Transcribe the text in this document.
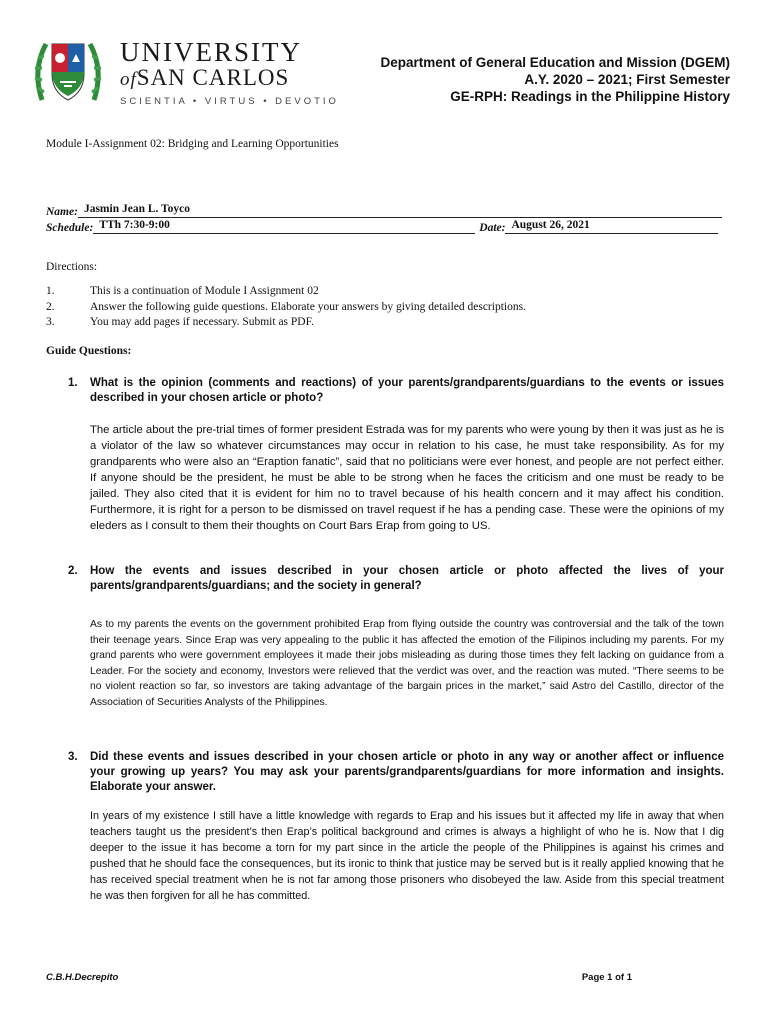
UNIVERSITY
ofSAN CARLOS
SCIENTIA • VIRTUS • DEVOTIO
Department of General Education and Mission (DGEM)
A.Y. 2020 – 2021; First Semester
GE-RPH: Readings in the Philippine History
Module I-Assignment 02: Bridging and Learning Opportunities
Name: Jasmin Jean L. Toyco
Schedule: TTh 7:30-9:00	Date: August 26, 2021
Directions:
1.	This is a continuation of Module I Assignment 02
2.	Answer the following guide questions. Elaborate your answers by giving detailed descriptions.
3.	You may add pages if necessary. Submit as PDF.
Guide Questions:
1.	What is the opinion (comments and reactions) of your parents/grandparents/guardians to the events or issues described in your chosen article or photo?
The article about the pre-trial times of former president Estrada was for my parents who were young by then it was just as he is a violator of the law so whatever circumstances may occur in relation to his case, he must take responsibility. As for my grandparents who were also an “Eraption fanatic”, said that no politicians were ever honest, and people are not perfect either. If anyone should be the president, he must be able to be strong when he faces the criticism and one must be ready to be jailed. They also cited that it is evident for him no to travel because of his health concern and it may affect his condition. Furthermore, it is right for a person to be dismissed on travel request if he has a pending case. These were the opinions of my eleders as I consult to them their thoughts on Court Bars Erap from going to US.
2.	How the events and issues described in your chosen article or photo affected the lives of your parents/grandparents/guardians; and the society in general?
As to my parents the events on the government prohibited Erap from flying outside the country was controversial and the talk of the town their teenage years. Since Erap was very appealing to the public it has affected the emotion of the Filipinos including my parents. For my grand parents who were government employees it made their jobs misleading as during those times they felt lacking on guidance from a Leader. For the society and economy, Investors were relieved that the verdict was over, and the reaction was muted. “There seems to be no violent reaction so far, so investors are taking advantage of the bargain prices in the market,” said Astro del Castillo, director of the Association of Securities Analysts of the Philippines.
3.	Did these events and issues described in your chosen article or photo in any way or another affect or influence your growing up years? You may ask your parents/grandparents/guardians for more information and insights. Elaborate your answer.
In years of my existence I still have a little knowledge with regards to Erap and his issues but it affected my life in away that when teachers taught us the president’s then Erap’s political background and crimes is always a highlight of who he is. Now that I dig deeper to the issue it has become a torn for my part since in the article the people of the Philippines is against his crimes and pushed that he should face the consequences, but its ironic to think that justice may be served but is it really applied knowing that he has received special treatment when he is not far among those prisoners who disobeyed the law. Aside from this special treatment he was then forgiven for all he has committed.
C.B.H.Decrepito	Page 1 of 1
